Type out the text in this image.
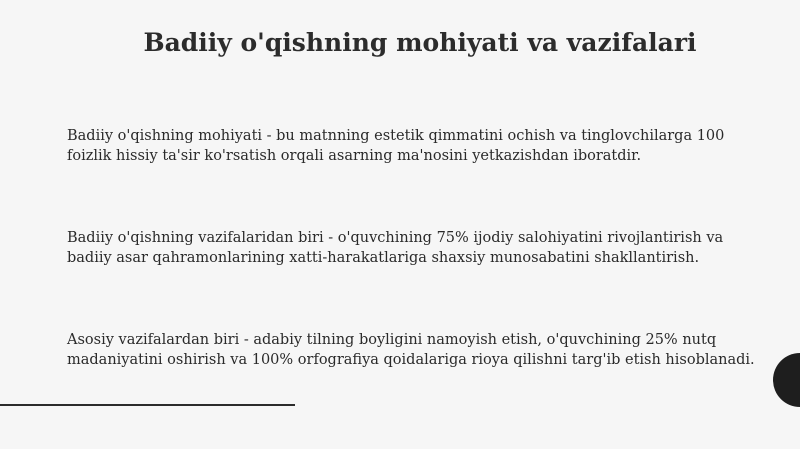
Badiiy o'qishning mohiyati va vazifalari

Badiiy o'qishning mohiyati - bu matnning estetik qimmatini ochish va tinglovchilarga 100 foizlik hissiy ta'sir ko'rsatish orqali asarning ma'nosini yetkazishdan iboratdir.

Badiiy o'qishning vazifalaridan biri - o'quvchining 75% ijodiy salohiyatini rivojlantirish va badiiy asar qahramonlarining xatti-harakatlariga shaxsiy munosabatini shakllantirish.

Asosiy vazifalardan biri - adabiy tilning boyligini namoyish etish, o'quvchining 25% nutq madaniyatini oshirish va 100% orfografiya qoidalariga rioya qilishni targ'ib etish hisoblanadi.
